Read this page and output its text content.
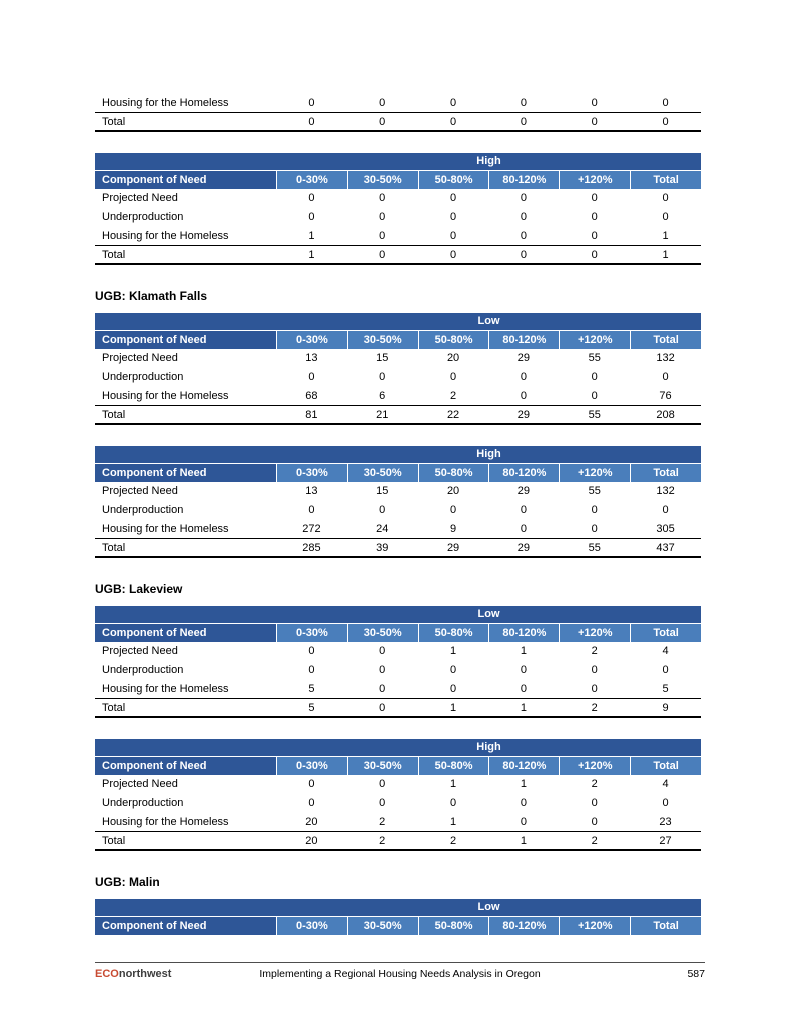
Housing for the Homeless	0	0	0	0	0	0
Total	0	0	0	0	0	0
High
Component of Need	0-30%	30-50%	50-80%	80-120%	+120%	Total
Projected Need	0	0	0	0	0	0
Underproduction	0	0	0	0	0	0
Housing for the Homeless	1	0	0	0	0	1
Total	1	0	0	0	0	1
UGB: Klamath Falls
Low
Component of Need	0-30%	30-50%	50-80%	80-120%	+120%	Total
Projected Need	13	15	20	29	55	132
Underproduction	0	0	0	0	0	0
Housing for the Homeless	68	6	2	0	0	76
Total	81	21	22	29	55	208
High
Component of Need	0-30%	30-50%	50-80%	80-120%	+120%	Total
Projected Need	13	15	20	29	55	132
Underproduction	0	0	0	0	0	0
Housing for the Homeless	272	24	9	0	0	305
Total	285	39	29	29	55	437
UGB: Lakeview
Low
Component of Need	0-30%	30-50%	50-80%	80-120%	+120%	Total
Projected Need	0	0	1	1	2	4
Underproduction	0	0	0	0	0	0
Housing for the Homeless	5	0	0	0	0	5
Total	5	0	1	1	2	9
High
Component of Need	0-30%	30-50%	50-80%	80-120%	+120%	Total
Projected Need	0	0	1	1	2	4
Underproduction	0	0	0	0	0	0
Housing for the Homeless	20	2	1	0	0	23
Total	20	2	2	1	2	27
UGB: Malin
Low
Component of Need	0-30%	30-50%	50-80%	80-120%	+120%	Total
ECOnorthwest	Implementing a Regional Housing Needs Analysis in Oregon	587
